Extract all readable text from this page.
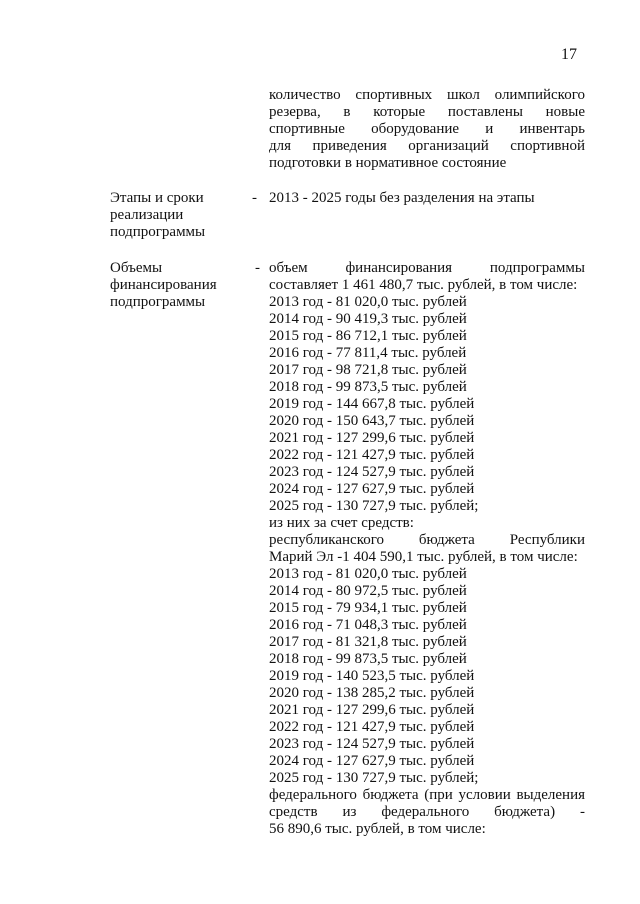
17
количество спортивных школ олимпийского
резерва, в которые поставлены новые
спортивные оборудование и инвентарь
для приведения организаций спортивной
подготовки в нормативное состояние
Этапы и сроки
реализации
подпрограммы
- 2013 - 2025 годы без разделения на этапы
Объемы
финансирования
подпрограммы
- объем финансирования подпрограммы
составляет 1 461 480,7 тыс. рублей, в том числе:
2013 год - 81 020,0 тыс. рублей
2014 год - 90 419,3 тыс. рублей
2015 год - 86 712,1 тыс. рублей
2016 год - 77 811,4 тыс. рублей
2017 год - 98 721,8 тыс. рублей
2018 год - 99 873,5 тыс. рублей
2019 год - 144 667,8 тыс. рублей
2020 год - 150 643,7 тыс. рублей
2021 год - 127 299,6 тыс. рублей
2022 год - 121 427,9 тыс. рублей
2023 год - 124 527,9 тыс. рублей
2024 год - 127 627,9 тыс. рублей
2025 год - 130 727,9 тыс. рублей;
из них за счет средств:
республиканского бюджета Республики
Марий Эл -1 404 590,1 тыс. рублей, в том числе:
2013 год - 81 020,0 тыс. рублей
2014 год - 80 972,5 тыс. рублей
2015 год - 79 934,1 тыс. рублей
2016 год - 71 048,3 тыс. рублей
2017 год - 81 321,8 тыс. рублей
2018 год - 99 873,5 тыс. рублей
2019 год - 140 523,5 тыс. рублей
2020 год - 138 285,2 тыс. рублей
2021 год - 127 299,6 тыс. рублей
2022 год - 121 427,9 тыс. рублей
2023 год - 124 527,9 тыс. рублей
2024 год - 127 627,9 тыс. рублей
2025 год - 130 727,9 тыс. рублей;
федерального бюджета (при условии выделения
средств из федерального бюджета) -
56 890,6 тыс. рублей, в том числе:
